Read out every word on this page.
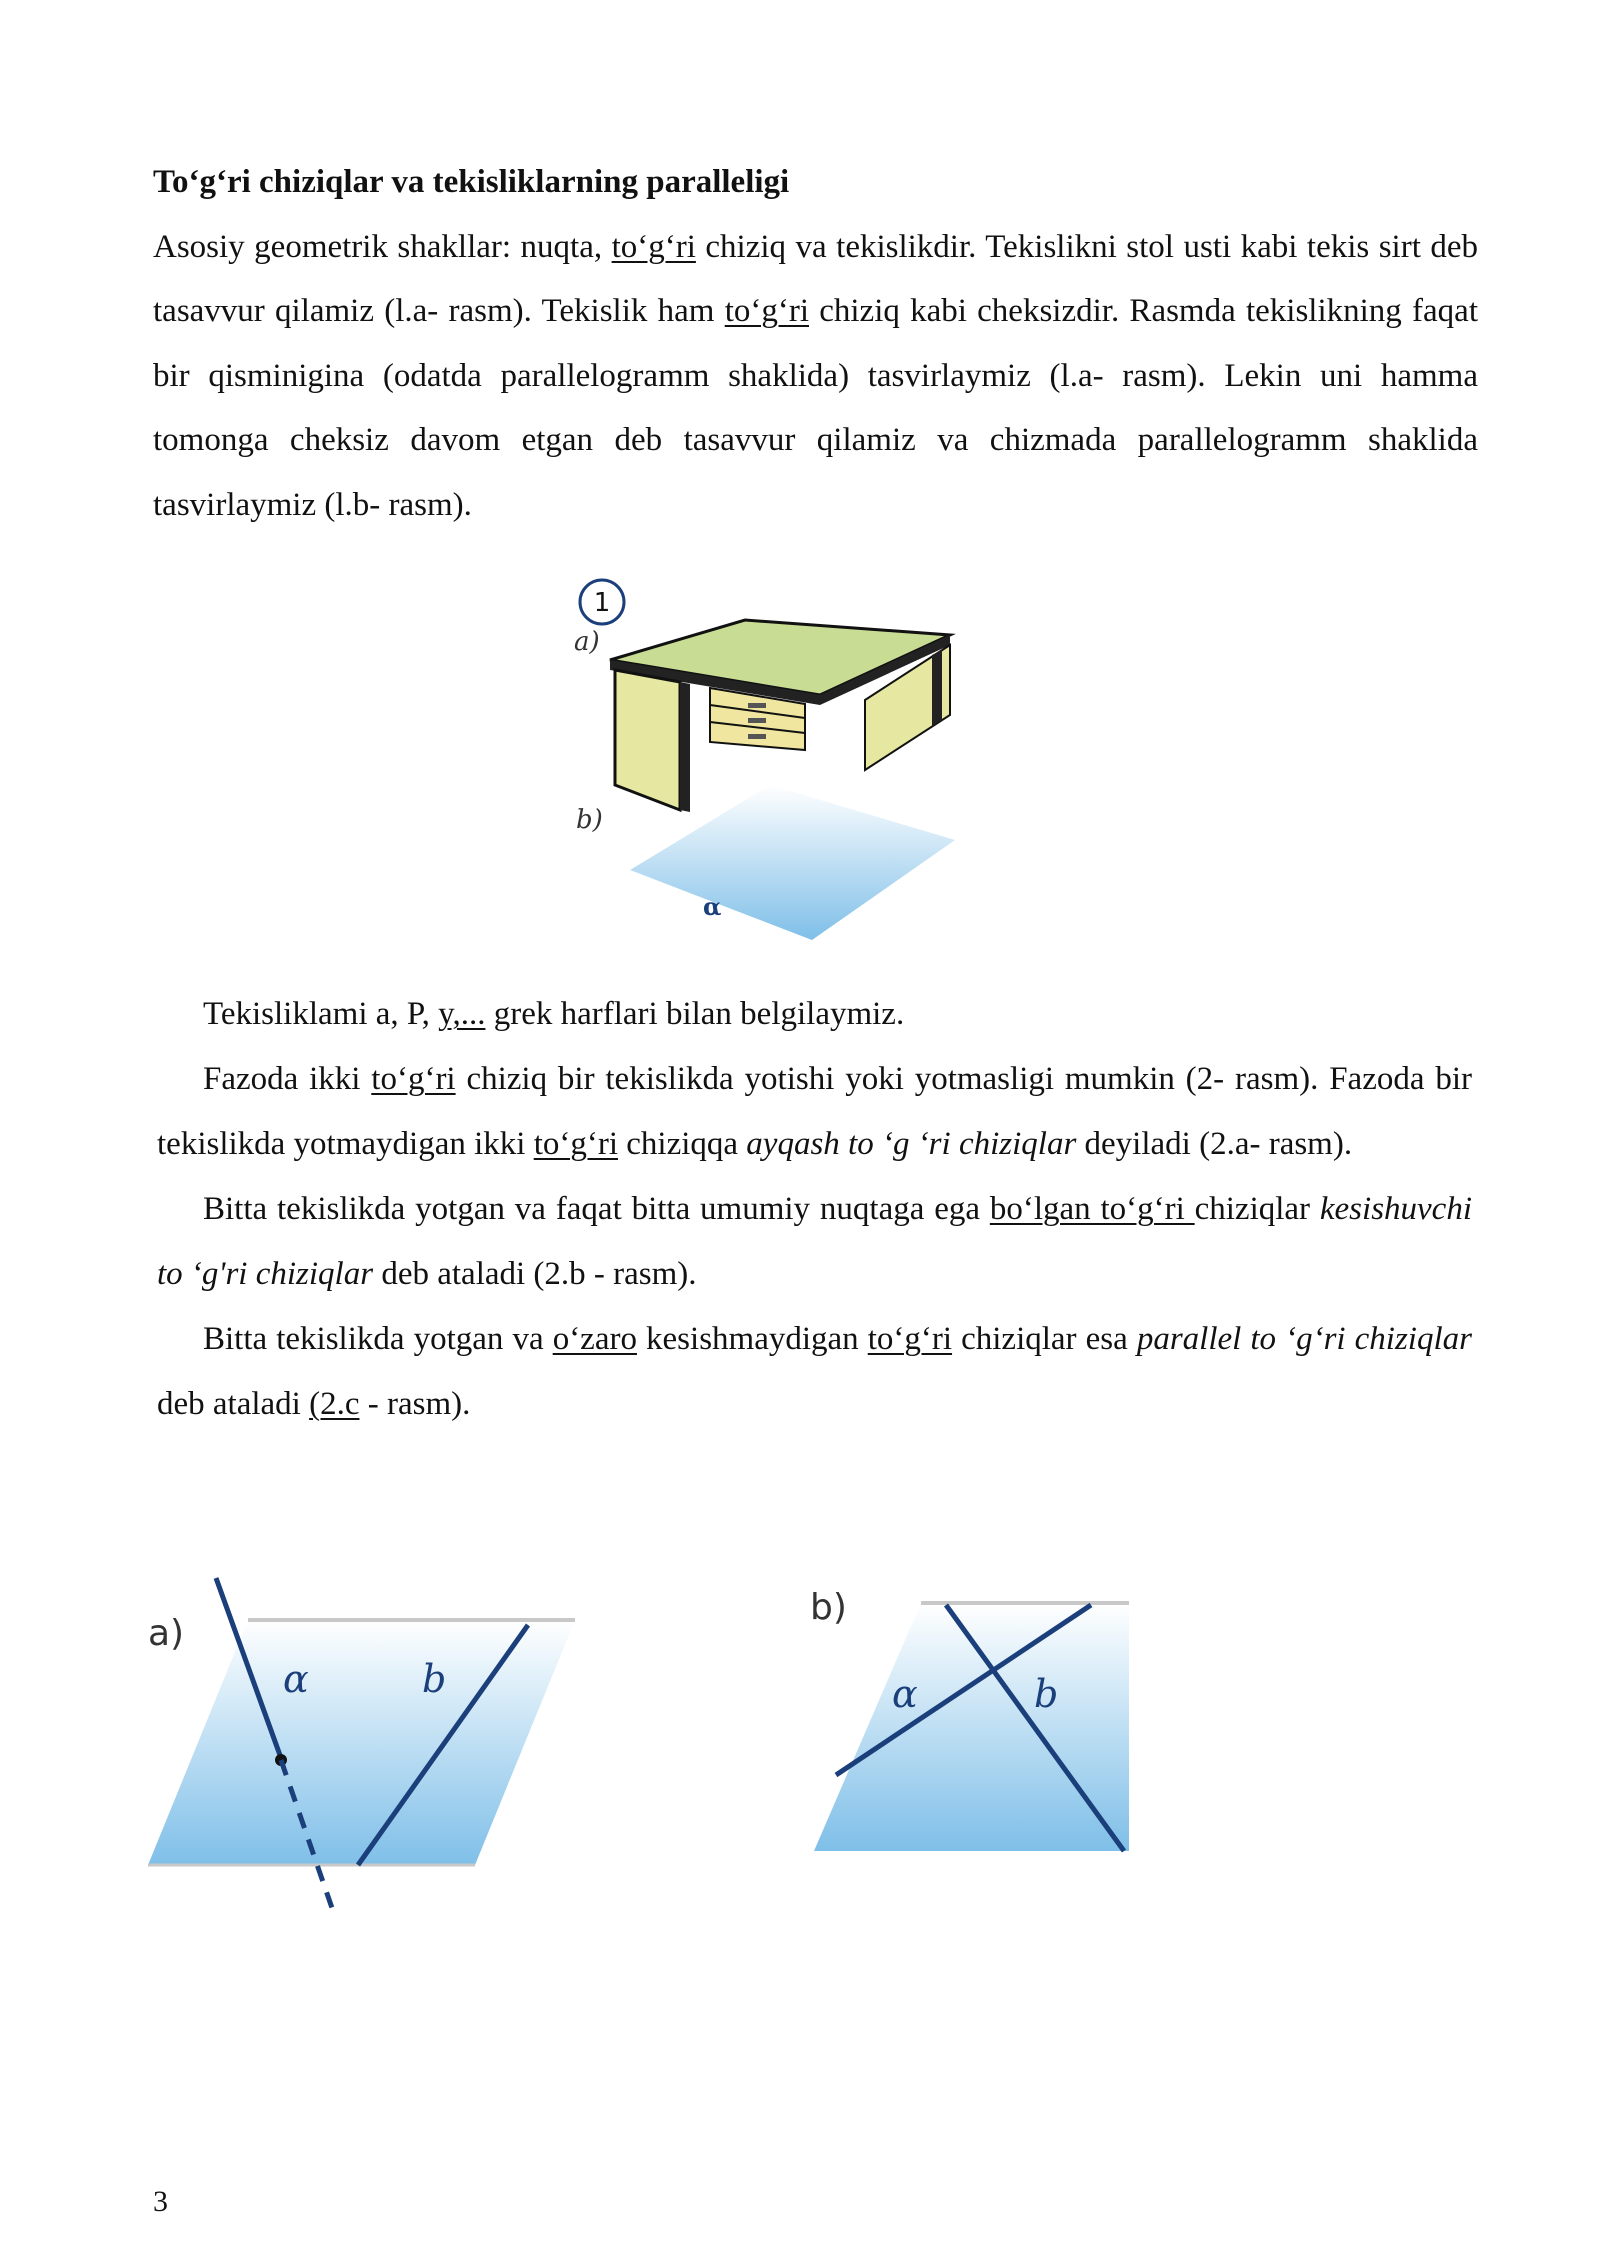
To‘g‘ri chiziqlar va tekisliklarning paralleligi

Asosiy geometrik shakllar: nuqta, to‘g‘ri chiziq va tekislikdir. Tekislikni stol usti kabi tekis sirt deb tasavvur qilamiz (l.a- rasm). Tekislik ham to‘g‘ri chiziq kabi cheksizdir. Rasmda tekislikning faqat bir qisminigina (odatda parallelogramm shaklida) tasvirlaymiz (l.a- rasm). Lekin uni hamma tomonga cheksiz davom etgan deb tasavvur qilamiz va chizmada parallelogramm shaklida tasvirlaymiz (l.b- rasm).

1
a)
b)
α

Tekisliklami a, P, y,... grek harflari bilan belgilaymiz.

Fazoda ikki to‘g‘ri chiziq bir tekislikda yotishi yoki yotmasligi mumkin (2- rasm). Fazoda bir tekislikda yotmaydigan ikki to‘g‘ri chiziqqa ayqash to ‘g ‘ri chiziqlar deyiladi (2.a- rasm).

Bitta tekislikda yotgan va faqat bitta umumiy nuqtaga ega bo‘lgan to‘g‘ri chiziqlar kesishuvchi to ‘g'ri chiziqlar deb ataladi (2.b - rasm).

Bitta tekislikda yotgan va o‘zaro kesishmaydigan to‘g‘ri chiziqlar esa parallel to ‘g‘ri chiziqlar deb ataladi (2.c - rasm).

a)
α	b
b)
α	b
3
